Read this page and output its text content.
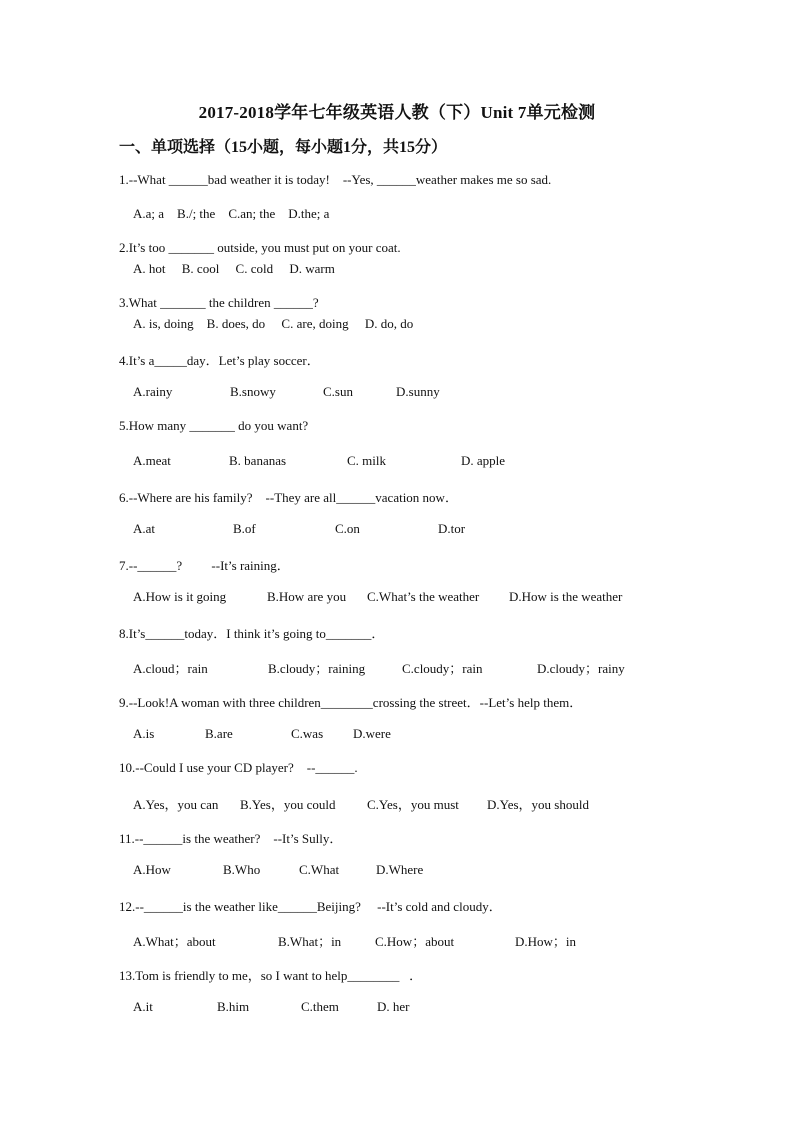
2017-2018学年七年级英语人教（下）Unit 7单元检测
一、单项选择（15小题，每小题1分，共15分）
1.--What ______bad weather it is today!    --Yes, ______weather makes me so sad.
A.a; a    B./; the    C.an; the    D.the; a
2.It’s too _______ outside, you must put on your coat.
A. hot     B. cool     C. cold     D. warm
3.What _______ the children ______?
A. is, doing    B. does, do     C. are, doing     D. do, do
4.It’s a_____day．Let’s play soccer．

A.rainy

	B.snowy

	C.sun

	D.sunny

5.How many _______ do you want?

A.meat

	B. bananas

	C. milk

	D. apple

6.--Where are his family?    --They are all______vacation now．

A.at

	B.of

	C.on

	D.tor

7.--______?         --It’s raining．

A.How is it going

	B.How are you

C.What’s the weather

D.How is the weather

8.It’s______today．I think it’s going to_______．

A.cloud；rain

	B.cloudy；raining

	C.cloudy；rain

	D.cloudy；rainy

9.--Look!A woman with three children________crossing the street．--Let’s help them．

A.is

	B.are

	C.was

D.were

10.--Could I use your CD player?    --______.

A.Yes，you can

B.Yes，you could

C.Yes，you must

D.Yes，you should

11.--______is the weather?    --It’s Sully．

A.How

	B.Who

	C.What

	D.Where

12.--______is the weather like______Beijing?     --It’s cold and cloudy．

A.What；about

	B.What；in

	C.How；about

	D.How；in

13.Tom is friendly to me，so I want to help________   ．

A.it

	B.him

	C.them

	D. her
